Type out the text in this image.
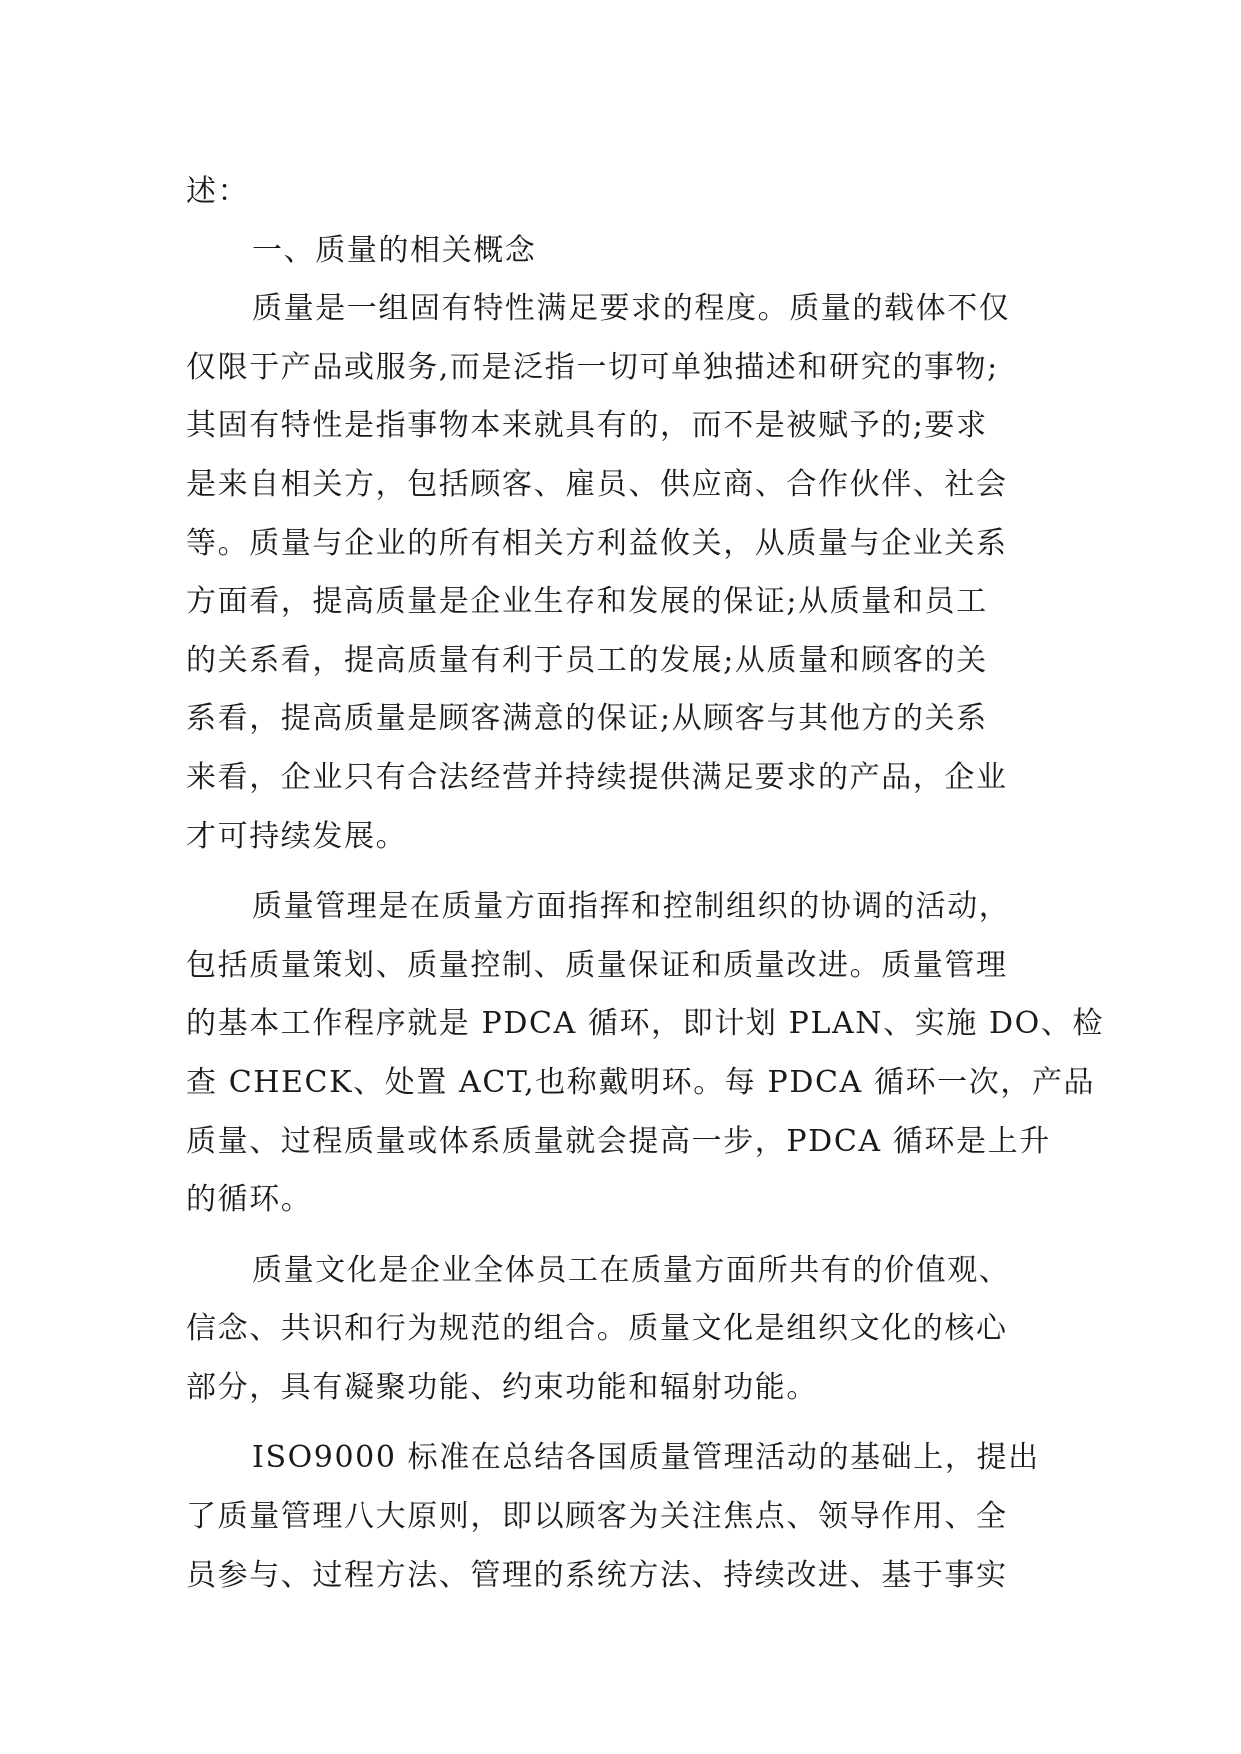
述：
一、质量的相关概念
质量是一组固有特性满足要求的程度。质量的载体不仅
仅限于产品或服务,而是泛指一切可单独描述和研究的事物;
其固有特性是指事物本来就具有的，而不是被赋予的;要求
是来自相关方，包括顾客、雇员、供应商、合作伙伴、社会
等。质量与企业的所有相关方利益攸关，从质量与企业关系
方面看，提高质量是企业生存和发展的保证;从质量和员工
的关系看，提高质量有利于员工的发展;从质量和顾客的关
系看，提高质量是顾客满意的保证;从顾客与其他方的关系
来看，企业只有合法经营并持续提供满足要求的产品，企业
才可持续发展。
质量管理是在质量方面指挥和控制组织的协调的活动，
包括质量策划、质量控制、质量保证和质量改进。质量管理
的基本工作程序就是 PDCA 循环，即计划 PLAN、实施 DO、检
查 CHECK、处置 ACT,也称戴明环。每 PDCA 循环一次，产品
质量、过程质量或体系质量就会提高一步，PDCA 循环是上升
的循环。
质量文化是企业全体员工在质量方面所共有的价值观、
信念、共识和行为规范的组合。质量文化是组织文化的核心
部分，具有凝聚功能、约束功能和辐射功能。
ISO9000 标准在总结各国质量管理活动的基础上，提出
了质量管理八大原则，即以顾客为关注焦点、领导作用、全
员参与、过程方法、管理的系统方法、持续改进、基于事实
